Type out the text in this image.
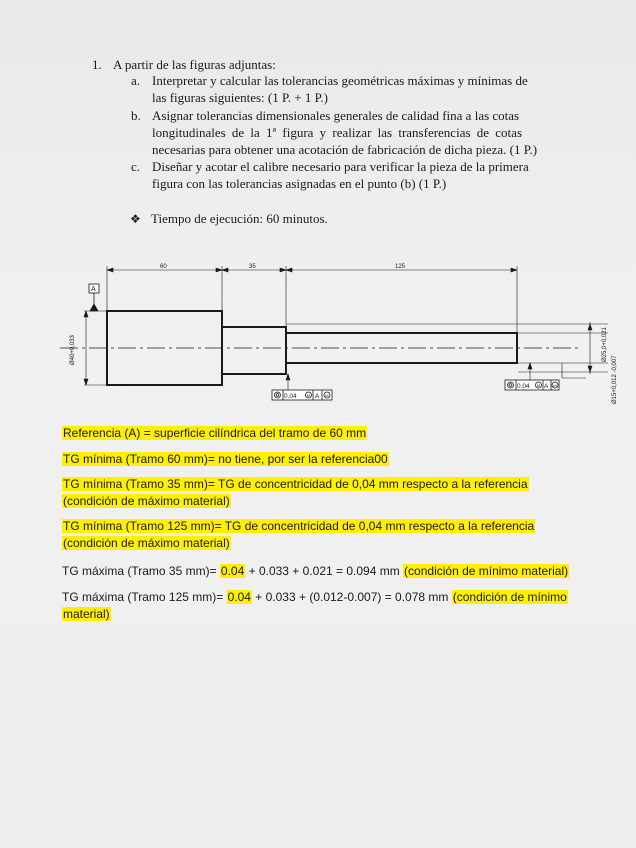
1. A partir de las figuras adjuntas:
a. Interpretar y calcular las tolerancias geométricas máximas y mínimas de
las figuras siguientes: (1 P. + 1 P.)
b. Asignar tolerancias dimensionales generales de calidad fina a las cotas
longitudinales de la 1ª figura y realizar las transferencias de cotas
necesarias para obtener una acotación de fabricación de dicha pieza. (1 P.)
c. Diseñar y acotar el calibre necesario para verificar la pieza de la primera
figura con las tolerancias asignadas en el punto (b) (1 P.)
❖ Tiempo de ejecución: 60 minutos.
60	35	125
A
Ø40+0,033	Ø25,0+0,021
Ø15+0,012 -0,007
0.04	M A M
0.04 M A M
Referencia (A) = superficie cilíndrica del tramo de 60 mm
TG mínima (Tramo 60 mm)= no tiene, por ser la referencia00
TG mínima (Tramo 35 mm)= TG de concentricidad de 0,04 mm respecto a la referencia
(condición de máximo material)
TG mínima (Tramo 125 mm)= TG de concentricidad de 0,04 mm respecto a la referencia
(condición de máximo material)
TG máxima (Tramo 35 mm)= 0.04 + 0.033 + 0.021 = 0.094 mm (condición de mínimo material)
TG máxima (Tramo 125 mm)= 0.04 + 0.033 + (0.012-0.007) = 0.078 mm (condición de mínimo
material)
